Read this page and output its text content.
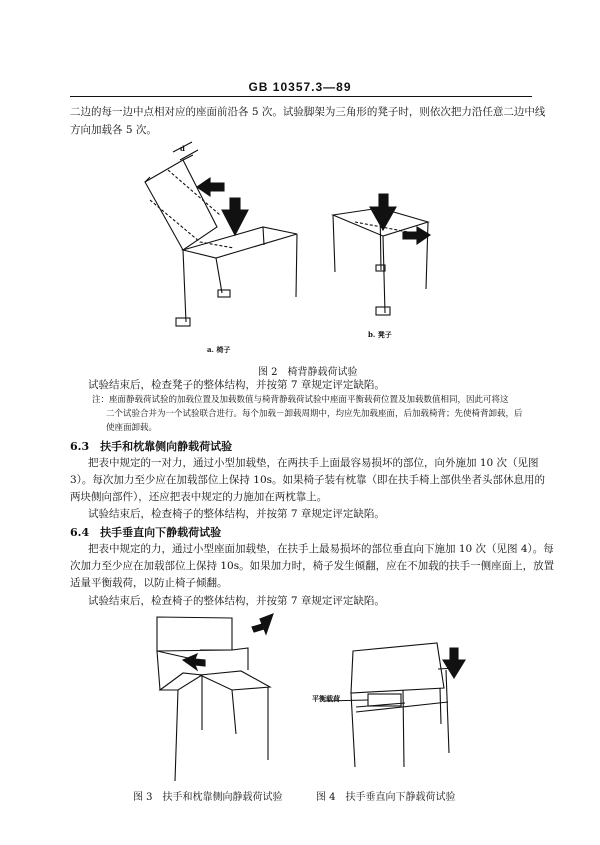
GB 10357.3—89
二边的每一边中点相对应的座面前沿各 5 次。试验脚架为三角形的凳子时，则依次把力沿任意二边中线
方向加载各 5 次。
d
a. 椅子
b. 凳子
图 2　椅背静载荷试验
试验结束后，检查凳子的整体结构，并按第 7 章规定评定缺陷。
注：座面静载荷试验的加载位置及加载数值与椅背静载荷试验中座面平衡载荷位置及加载数值相同，因此可将这
二个试验合并为一个试验联合进行。每个加载－卸载周期中，均应先加载座面，后加载椅背；先使椅背卸载，后
使座面卸载。
6.3　扶手和枕靠侧向静载荷试验
把表中规定的一对力，通过小型加载垫，在两扶手上面最容易损坏的部位，向外施加 10 次（见图
3）。每次加力至少应在加载部位上保持 10s。如果椅子装有枕靠（即在扶手椅上部供坐者头部休息用的
两块侧向部件），还应把表中规定的力施加在两枕靠上。
试验结束后，检查椅子的整体结构，并按第 7 章规定评定缺陷。
6.4　扶手垂直向下静载荷试验
把表中规定的力，通过小型座面加载垫，在扶手上最易损坏的部位垂直向下施加 10 次（见图 4）。每
次加力至少应在加载部位上保持 10s。如果加力时，椅子发生倾翻，应在不加载的扶手一侧座面上，放置
适量平衡载荷，以防止椅子倾翻。
试验结束后，检查椅子的整体结构，并按第 7 章规定评定缺陷。
平衡载荷
图 3　扶手和枕靠侧向静载荷试验	图 4　扶手垂直向下静载荷试验
